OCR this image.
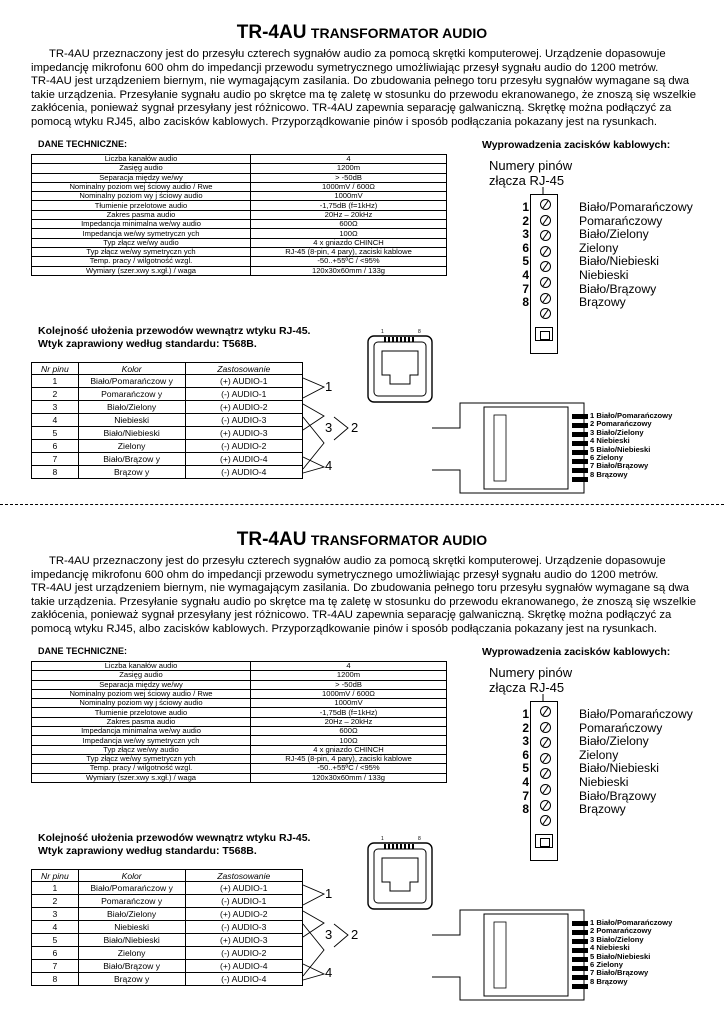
TR-4AU TRANSFORMATOR AUDIO

TR-4AU przeznaczony jest do przesyłu czterech sygnałów audio za pomocą skrętki komputerowej. Urządzenie dopasowuje impedancję mikrofonu 600 ohm do impedancji przewodu symetrycznego umożliwiając przesył sygnału audio do 1200 metrów.

TR-4AU jest urządzeniem biernym, nie wymagającym zasilania. Do zbudowania pełnego toru przesyłu sygnałów wymagane są dwa takie urządzenia. Przesyłanie sygnału audio po skrętce ma tę zaletę w stosunku do przewodu ekranowanego, że znoszą się wszelkie zakłócenia, ponieważ sygnał przesyłany jest różnicowo. TR-4AU zapewnia separację galwaniczną. Skrętkę można podłączyć za pomocą wtyku RJ45, albo zacisków kablowych. Przyporządkowanie pinów i sposób podłączania pokazany jest na rysunkach.

DANE TECHNICZNE:	Wyprowadzenia zacisków kablowych:
Liczba kanałów audio	4
Zasięg audio	1200m
Separacja między we/wy	> -50dB
Nominalny poziom wej ściowy audio / Rwe	1000mV / 600Ω
Nominalny poziom wy j ściowy audio	1000mV
Tłumienie przelotowe audio	-1,75dB (f=1kHz)
Zakres pasma audio	20Hz – 20kHz
Impedancja minimalna we/wy audio	600Ω
Impedancja we/wy symetryczn ych	100Ω
Typ złącz we/wy audio	4 x gniazdo CHINCH
Typ złącz we/wy symetryczn ych	RJ-45 (8-pin, 4 pary), zaciski kablowe
Temp. pracy / wilgotność wzgl.	-50..+55ºC / <95%
Wymiary (szer.xwy s.xgł.) / waga	120x30x60mm / 133g
Numery pinów
złącza RJ-45
1	Biało/Pomarańczowy
2	Pomarańczowy
3	Biało/Zielony
6	Zielony
5	Biało/Niebieski
4	Niebieski
7	Biało/Brązowy
8	Brązowy
Kolejność ułożenia przewodów wewnątrz wtyku RJ-45.
Wtyk zaprawiony według standardu: T568B.
1	8
Nr pinu	Kolor	Zastosowanie
1	Biało/Pomarańczow y	(+) AUDIO-1
2	Pomarańczow y	(-) AUDIO-1
3	Biało/Zielony	(+) AUDIO-2
4	Niebieski	(-) AUDIO-3
5	Biało/Niebieski	(+) AUDIO-3
6	Zielony	(-) AUDIO-2
7	Biało/Brązow y	(+) AUDIO-4
8	Brązow y	(-) AUDIO-4
1
3 2
4
1 Biało/Pomarańczowy
2 Pomarańczowy
3 Biało/Zielony
4 Niebieski
5 Biało/Niebieski
6 Zielony
7 Biało/Brązowy
8 Brązowy
TR-4AU TRANSFORMATOR AUDIO

TR-4AU przeznaczony jest do przesyłu czterech sygnałów audio za pomocą skrętki komputerowej. Urządzenie dopasowuje impedancję mikrofonu 600 ohm do impedancji przewodu symetrycznego umożliwiając przesył sygnału audio do 1200 metrów.

TR-4AU jest urządzeniem biernym, nie wymagającym zasilania. Do zbudowania pełnego toru przesyłu sygnałów wymagane są dwa takie urządzenia. Przesyłanie sygnału audio po skrętce ma tę zaletę w stosunku do przewodu ekranowanego, że znoszą się wszelkie zakłócenia, ponieważ sygnał przesyłany jest różnicowo. TR-4AU zapewnia separację galwaniczną. Skrętkę można podłączyć za pomocą wtyku RJ45, albo zacisków kablowych. Przyporządkowanie pinów i sposób podłączania pokazany jest na rysunkach.

DANE TECHNICZNE:	Wyprowadzenia zacisków kablowych:
Liczba kanałów audio	4
Zasięg audio	1200m
Separacja między we/wy	> -50dB
Nominalny poziom wej ściowy audio / Rwe	1000mV / 600Ω
Nominalny poziom wy j ściowy audio	1000mV
Tłumienie przelotowe audio	-1,75dB (f=1kHz)
Zakres pasma audio	20Hz – 20kHz
Impedancja minimalna we/wy audio	600Ω
Impedancja we/wy symetryczn ych	100Ω
Typ złącz we/wy audio	4 x gniazdo CHINCH
Typ złącz we/wy symetryczn ych	RJ-45 (8-pin, 4 pary), zaciski kablowe
Temp. pracy / wilgotność wzgl.	-50..+55ºC / <95%
Wymiary (szer.xwy s.xgł.) / waga	120x30x60mm / 133g
Numery pinów
złącza RJ-45
1	Biało/Pomarańczowy
2	Pomarańczowy
3	Biało/Zielony
6	Zielony
5	Biało/Niebieski
4	Niebieski
7	Biało/Brązowy
8	Brązowy
Kolejność ułożenia przewodów wewnątrz wtyku RJ-45.
Wtyk zaprawiony według standardu: T568B.
1	8
Nr pinu	Kolor	Zastosowanie
1	Biało/Pomarańczow y	(+) AUDIO-1
2	Pomarańczow y	(-) AUDIO-1
3	Biało/Zielony	(+) AUDIO-2
4	Niebieski	(-) AUDIO-3
5	Biało/Niebieski	(+) AUDIO-3
6	Zielony	(-) AUDIO-2
7	Biało/Brązow y	(+) AUDIO-4
8	Brązow y	(-) AUDIO-4
1
3 2
4
1 Biało/Pomarańczowy
2 Pomarańczowy
3 Biało/Zielony
4 Niebieski
5 Biało/Niebieski
6 Zielony
7 Biało/Brązowy
8 Brązowy
